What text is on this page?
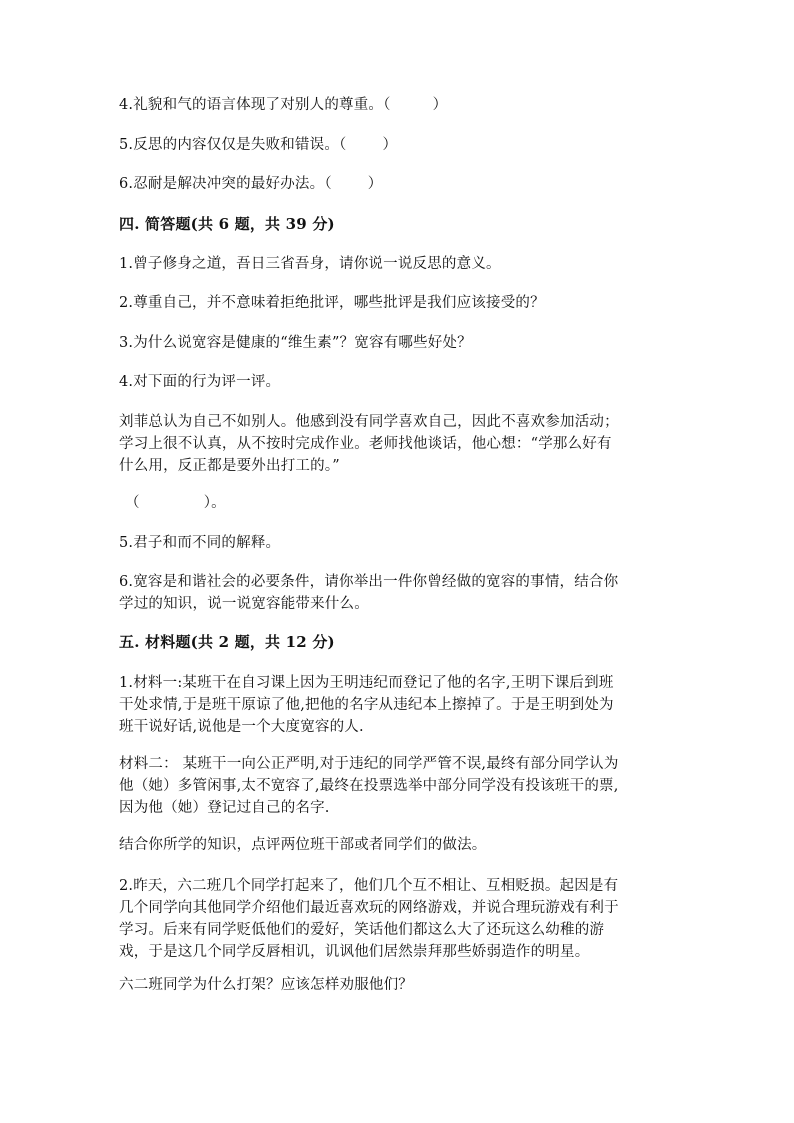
4.礼貌和气的语言体现了对别人的尊重。（	）
5.反思的内容仅仅是失败和错误。（ ）
6.忍耐是解决冲突的最好办法。（ ）
四. 简答题(共 6 题，共 39 分)
1.曾子修身之道，吾日三省吾身，请你说一说反思的意义。
2.尊重自己，并不意味着拒绝批评，哪些批评是我们应该接受的？
3.为什么说宽容是健康的“维生素”？宽容有哪些好处？
4.对下面的行为评一评。
刘菲总认为自己不如别人。他感到没有同学喜欢自己，因此不喜欢参加活动；
学习上很不认真，从不按时完成作业。老师找他谈话，他心想：“学那么好有
什么用，反正都是要外出打工的。”
（	）。
5.君子和而不同的解释。
6.宽容是和谐社会的必要条件，请你举出一件你曾经做的宽容的事情，结合你
学过的知识，说一说宽容能带来什么。
五. 材料题(共 2 题，共 12 分)
1.材料一:某班干在自习课上因为王明违纪而登记了他的名字,王明下课后到班
干处求情,于是班干原谅了他,把他的名字从违纪本上擦掉了。于是王明到处为
班干说好话,说他是一个大度宽容的人.
材料二： 某班干一向公正严明,对于违纪的同学严管不误,最终有部分同学认为
他（她）多管闲事,太不宽容了,最终在投票选举中部分同学没有投该班干的票,
因为他（她）登记过自己的名字.
结合你所学的知识，点评两位班干部或者同学们的做法。
2.昨天，六二班几个同学打起来了，他们几个互不相让、互相贬损。起因是有
几个同学向其他同学介绍他们最近喜欢玩的网络游戏，并说合理玩游戏有利于
学习。后来有同学贬低他们的爱好，笑话他们都这么大了还玩这么幼稚的游
戏，于是这几个同学反唇相讥，讥讽他们居然崇拜那些娇弱造作的明星。
六二班同学为什么打架？应该怎样劝服他们？
